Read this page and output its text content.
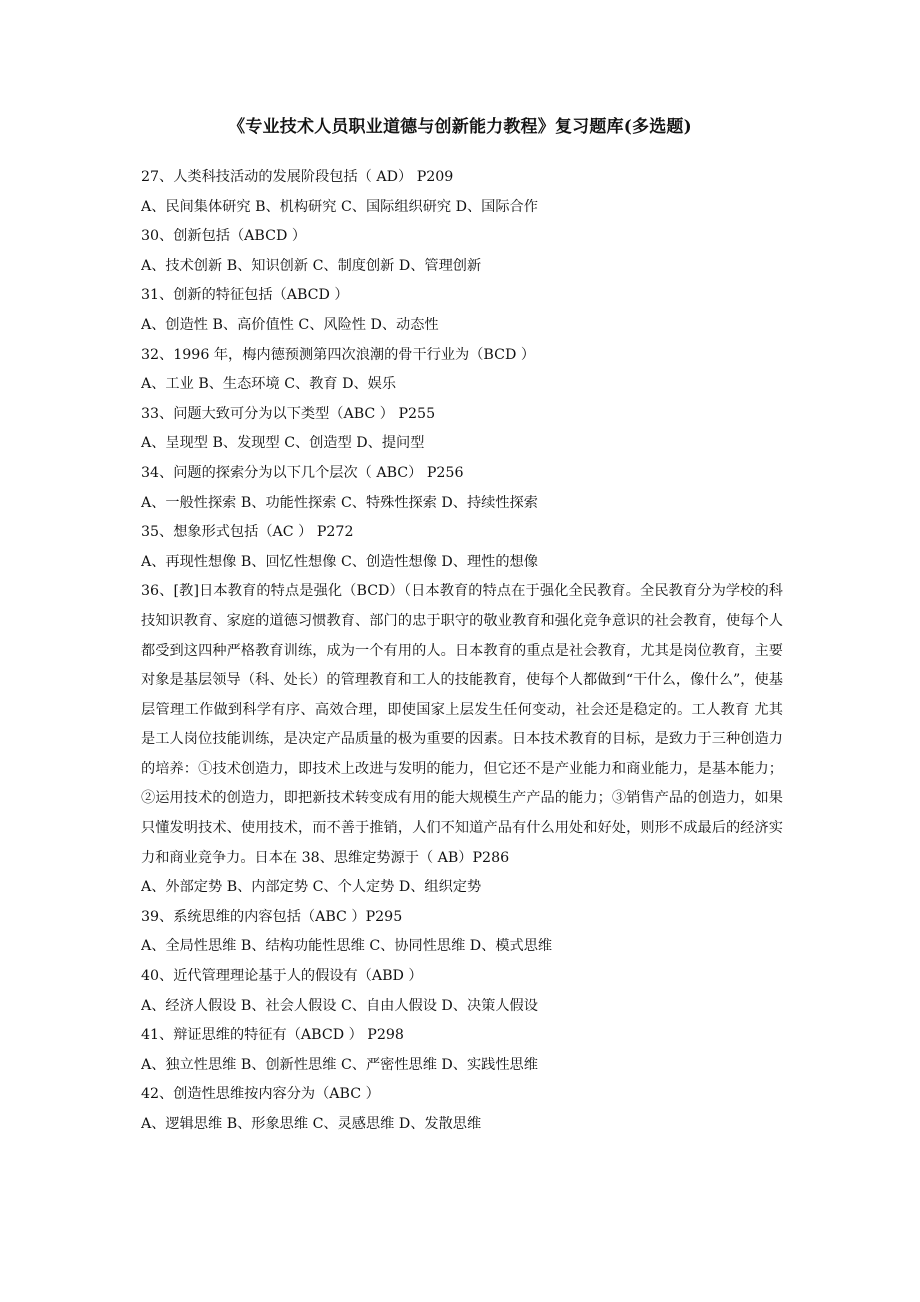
《专业技术人员职业道德与创新能力教程》复习题库(多选题)
27、人类科技活动的发展阶段包括（ AD） P209
A、民间集体研究 B、机构研究 C、国际组织研究 D、国际合作
30、创新包括（ABCD ）
A、技术创新 B、知识创新 C、制度创新 D、管理创新
31、创新的特征包括（ABCD ）
A、创造性 B、高价值性 C、风险性 D、动态性
32、1996 年，梅内德预测第四次浪潮的骨干行业为（BCD ）
A、工业 B、生态环境 C、教育 D、娱乐
33、问题大致可分为以下类型（ABC ） P255
A、呈现型 B、发现型 C、创造型 D、提问型
34、问题的探索分为以下几个层次（ ABC） P256
A、一般性探索 B、功能性探索 C、特殊性探索 D、持续性探索
35、想象形式包括（AC ） P272
A、再现性想像 B、回忆性想像 C、创造性想像 D、理性的想像
36、[教]日本教育的特点是强化（BCD）（日本教育的特点在于强化全民教育。全民教育分为学校的科技知识教育、家庭的道德习惯教育、部门的忠于职守的敬业教育和强化竞争意识的社会教育，使每个人都受到这四种严格教育训练，成为一个有用的人。日本教育的重点是社会教育，尤其是岗位教育，主要对象是基层领导（科、处长）的管理教育和工人的技能教育，使每个人都做到“干什么，像什么”，使基层管理工作做到科学有序、高效合理，即使国家上层发生任何变动，社会还是稳定的。工人教育 尤其是工人岗位技能训练，是决定产品质量的极为重要的因素。日本技术教育的目标，是致力于三种创造力的培养：①技术创造力，即技术上改进与发明的能力，但它还不是产业能力和商业能力，是基本能力；②运用技术的创造力，即把新技术转变成有用的能大规模生产产品的能力；③销售产品的创造力，如果只懂发明技术、使用技术，而不善于推销，人们不知道产品有什么用处和好处，则形不成最后的经济实力和商业竞争力。日本在 38、思维定势源于（ AB）P286
A、外部定势 B、内部定势 C、个人定势 D、组织定势
39、系统思维的内容包括（ABC ）P295
A、全局性思维 B、结构功能性思维 C、协同性思维 D、模式思维
40、近代管理理论基于人的假设有（ABD ）
A、经济人假设 B、社会人假设 C、自由人假设 D、决策人假设
41、辩证思维的特征有（ABCD ） P298
A、独立性思维 B、创新性思维 C、严密性思维 D、实践性思维
42、创造性思维按内容分为（ABC ）
A、逻辑思维 B、形象思维 C、灵感思维 D、发散思维
